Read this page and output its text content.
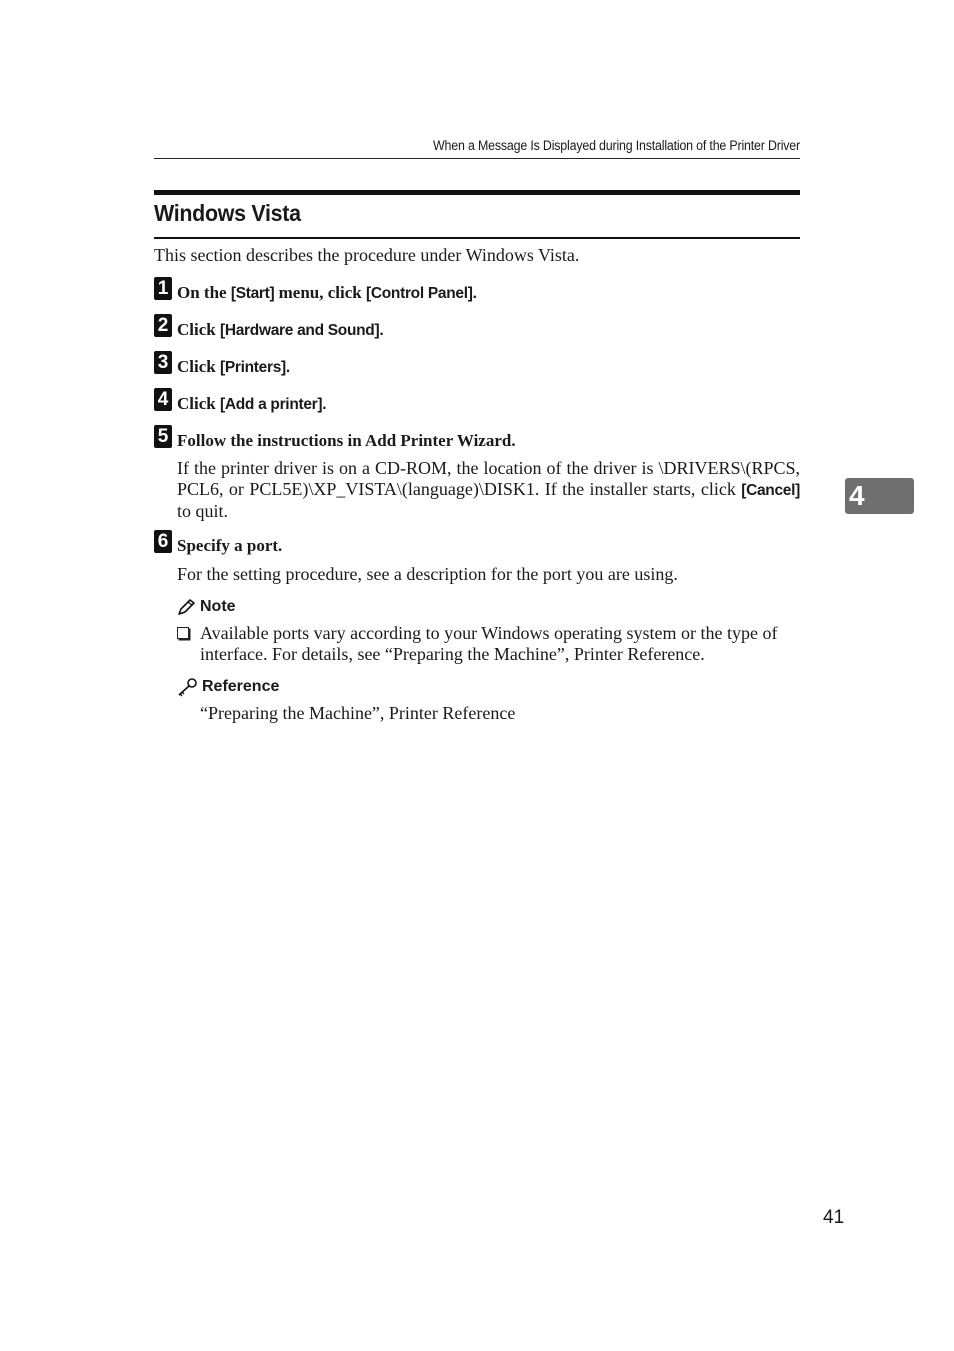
When a Message Is Displayed during Installation of the Printer Driver
Windows Vista
This section describes the procedure under Windows Vista.
1 On the [Start] menu, click [Control Panel].
2 Click [Hardware and Sound].
3 Click [Printers].
4 Click [Add a printer].
5 Follow the instructions in Add Printer Wizard.
If the printer driver is on a CD-ROM, the location of the driver is \DRIVERS\(RPCS, PCL6, or PCL5E)\XP_VISTA\(language)\DISK1. If the installer starts, click [Cancel] to quit.	4
6 Specify a port.
For the setting procedure, see a description for the port you are using.
Note
Available ports vary according to your Windows operating system or the type of interface. For details, see “Preparing the Machine”, Printer Reference.
Reference
“Preparing the Machine”, Printer Reference
41
